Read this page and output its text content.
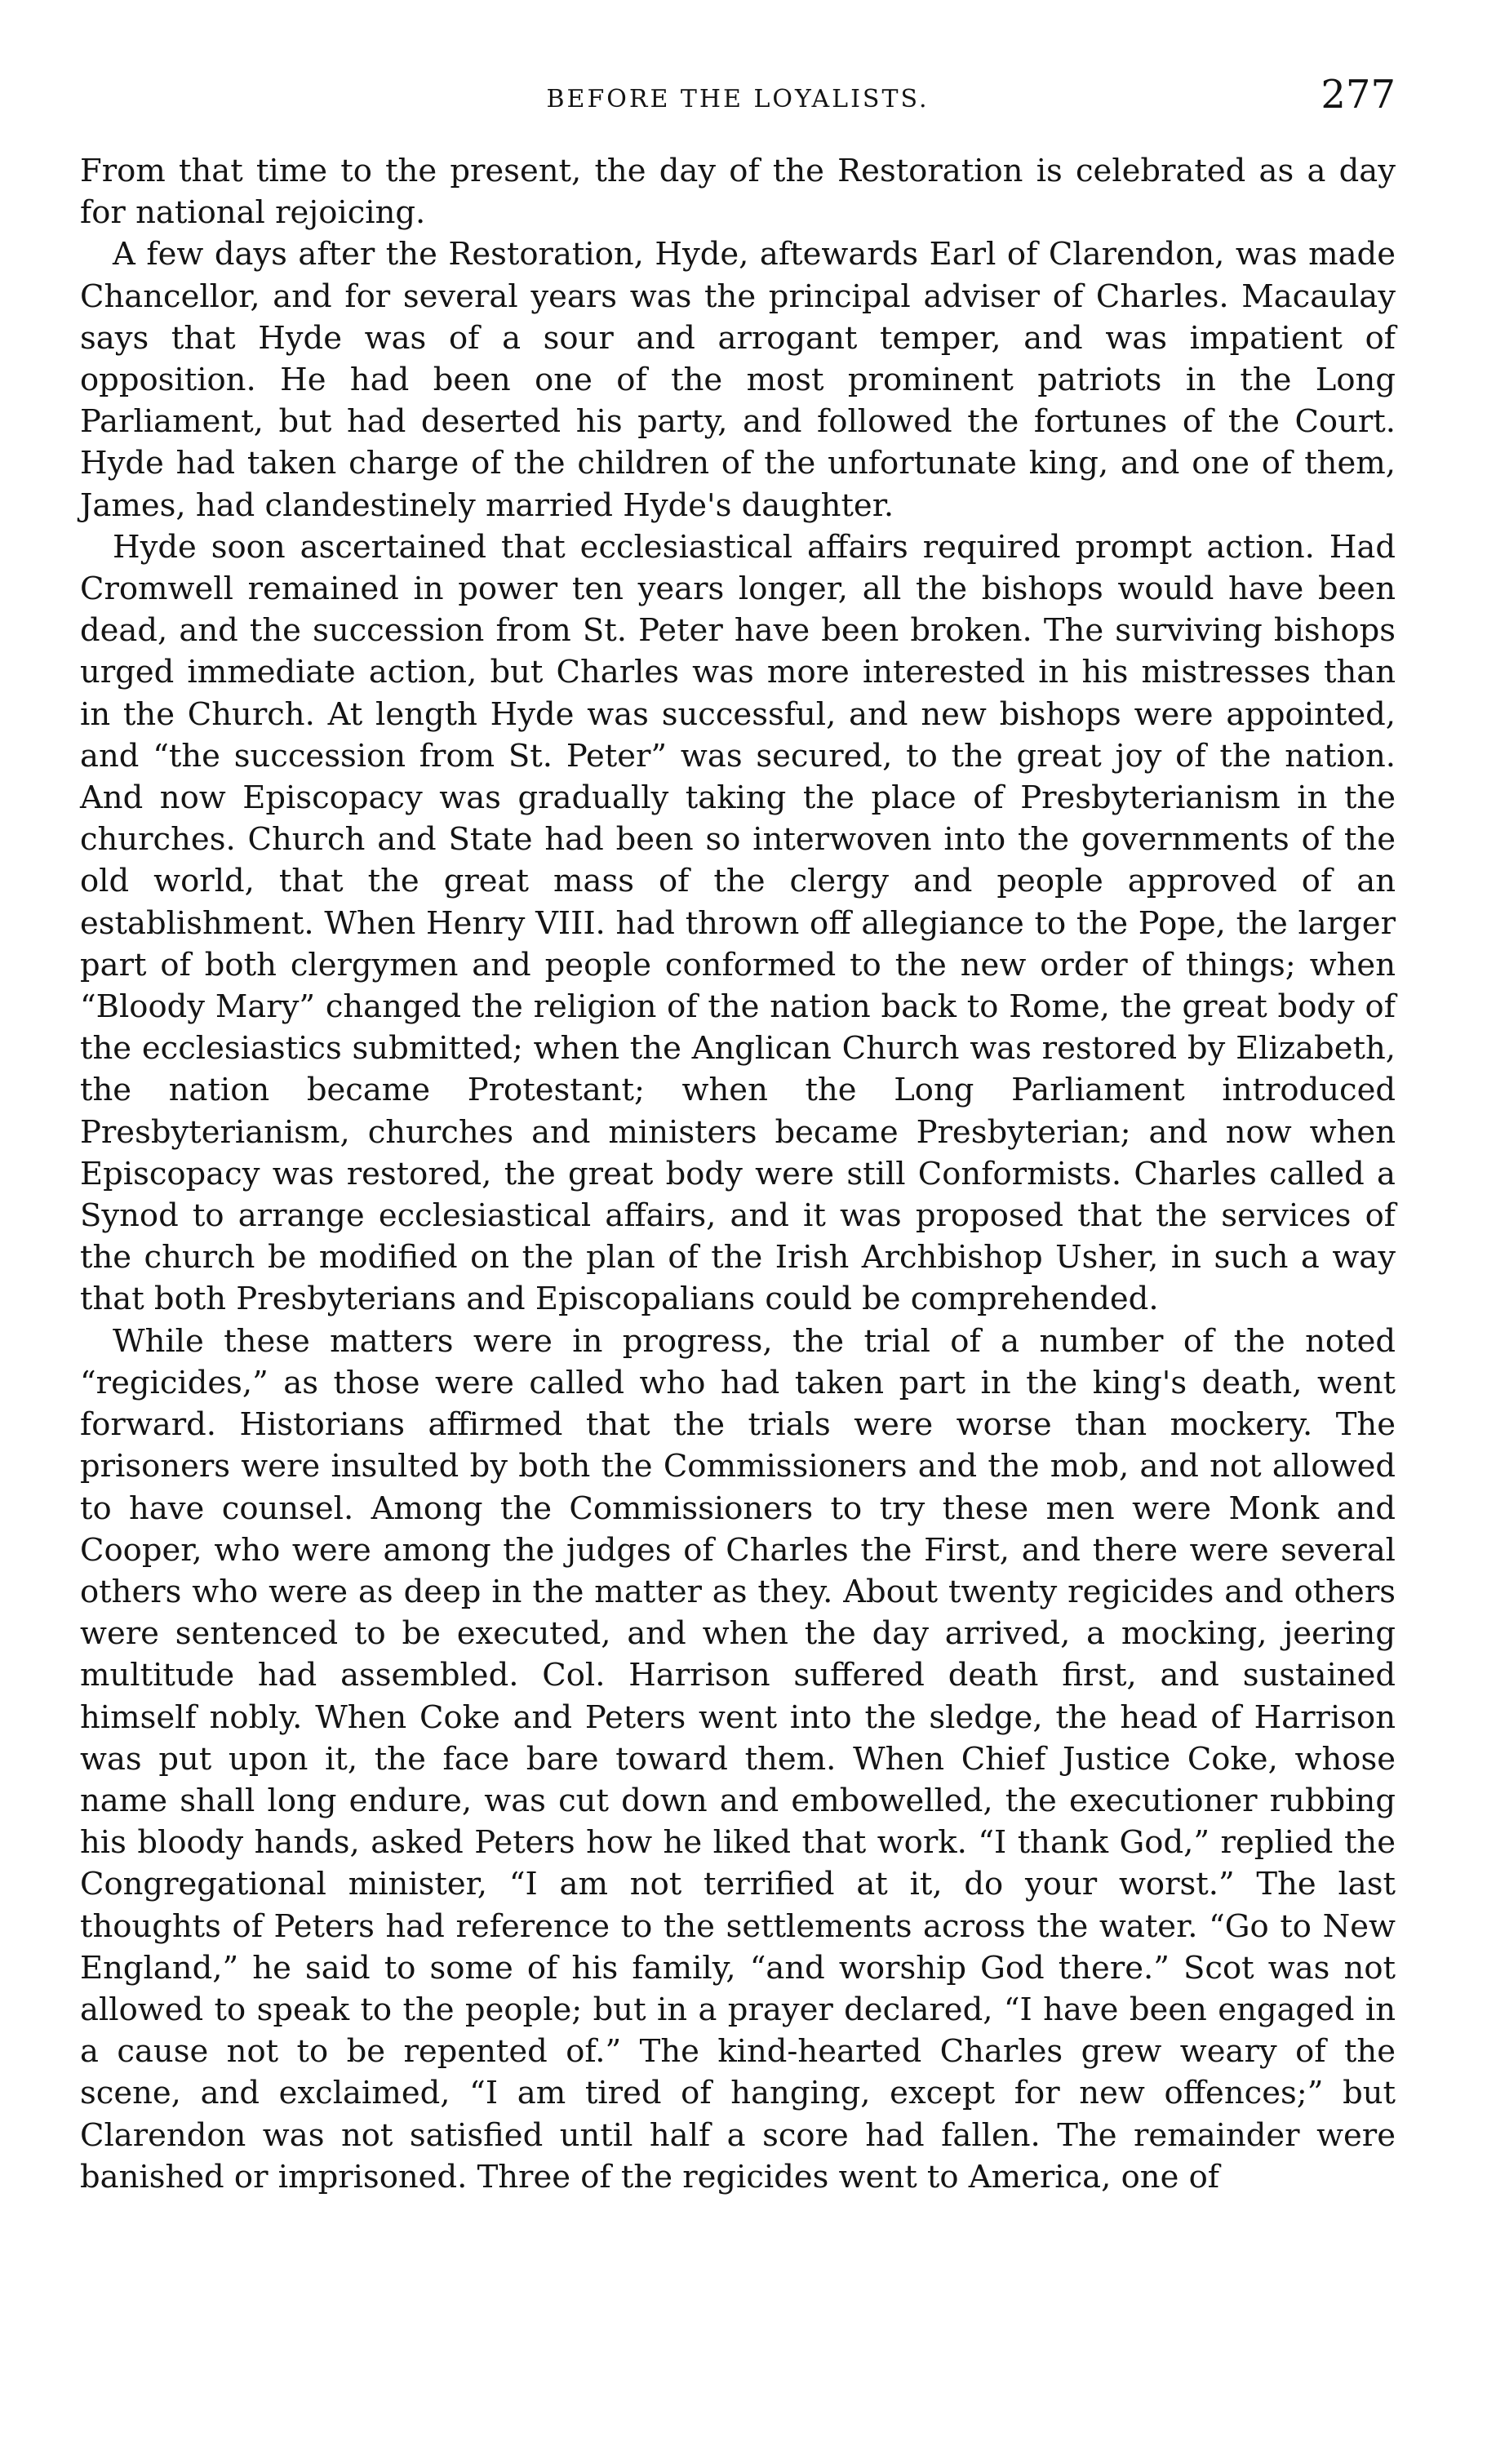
BEFORE THE LOYALISTS.	277

From that time to the present, the day of the Restoration is celebrated as a day for national rejoicing.

A few days after the Restoration, Hyde, aftewards Earl of Clarendon, was made Chancellor, and for several years was the principal adviser of Charles. Macaulay says that Hyde was of a sour and arrogant temper, and was impatient of opposition. He had been one of the most prominent patriots in the Long Parliament, but had deserted his party, and followed the fortunes of the Court. Hyde had taken charge of the children of the unfortunate king, and one of them, James, had clandestinely married Hyde's daughter.

Hyde soon ascertained that ecclesiastical affairs required prompt action. Had Cromwell remained in power ten years longer, all the bishops would have been dead, and the succession from St. Peter have been broken. The surviving bishops urged immediate action, but Charles was more interested in his mistresses than in the Church. At length Hyde was successful, and new bishops were appointed, and “the succession from St. Peter” was secured, to the great joy of the nation. And now Episcopacy was gradually taking the place of Presbyterianism in the churches. Church and State had been so interwoven into the governments of the old world, that the great mass of the clergy and people approved of an establishment. When Henry VIII. had thrown off allegiance to the Pope, the larger part of both clergymen and people conformed to the new order of things; when “Bloody Mary” changed the religion of the nation back to Rome, the great body of the ecclesiastics submitted; when the Anglican Church was restored by Elizabeth, the nation became Protestant; when the Long Parliament introduced Presbyterianism, churches and ministers became Presbyterian; and now when Episcopacy was restored, the great body were still Conformists. Charles called a Synod to arrange ecclesiastical affairs, and it was proposed that the services of the church be modified on the plan of the Irish Archbishop Usher, in such a way that both Presbyterians and Episcopalians could be comprehended.

While these matters were in progress, the trial of a number of the noted “regicides,” as those were called who had taken part in the king's death, went forward. Historians affirmed that the trials were worse than mockery. The prisoners were insulted by both the Commissioners and the mob, and not allowed to have counsel. Among the Commissioners to try these men were Monk and Cooper, who were among the judges of Charles the First, and there were several others who were as deep in the matter as they. About twenty regicides and others were sentenced to be executed, and when the day arrived, a mocking, jeering multitude had assembled. Col. Harrison suffered death first, and sustained himself nobly. When Coke and Peters went into the sledge, the head of Harrison was put upon it, the face bare toward them. When Chief Justice Coke, whose name shall long endure, was cut down and embowelled, the executioner rubbing his bloody hands, asked Peters how he liked that work. “I thank God,” replied the Congregational minister, “I am not terrified at it, do your worst.” The last thoughts of Peters had reference to the settlements across the water. “Go to New England,” he said to some of his family, “and worship God there.” Scot was not allowed to speak to the people; but in a prayer declared, “I have been engaged in a cause not to be repented of.” The kind-hearted Charles grew weary of the scene, and exclaimed, “I am tired of hanging, except for new offences;” but Clarendon was not satisfied until half a score had fallen. The remainder were banished or imprisoned. Three of the regicides went to America, one of
